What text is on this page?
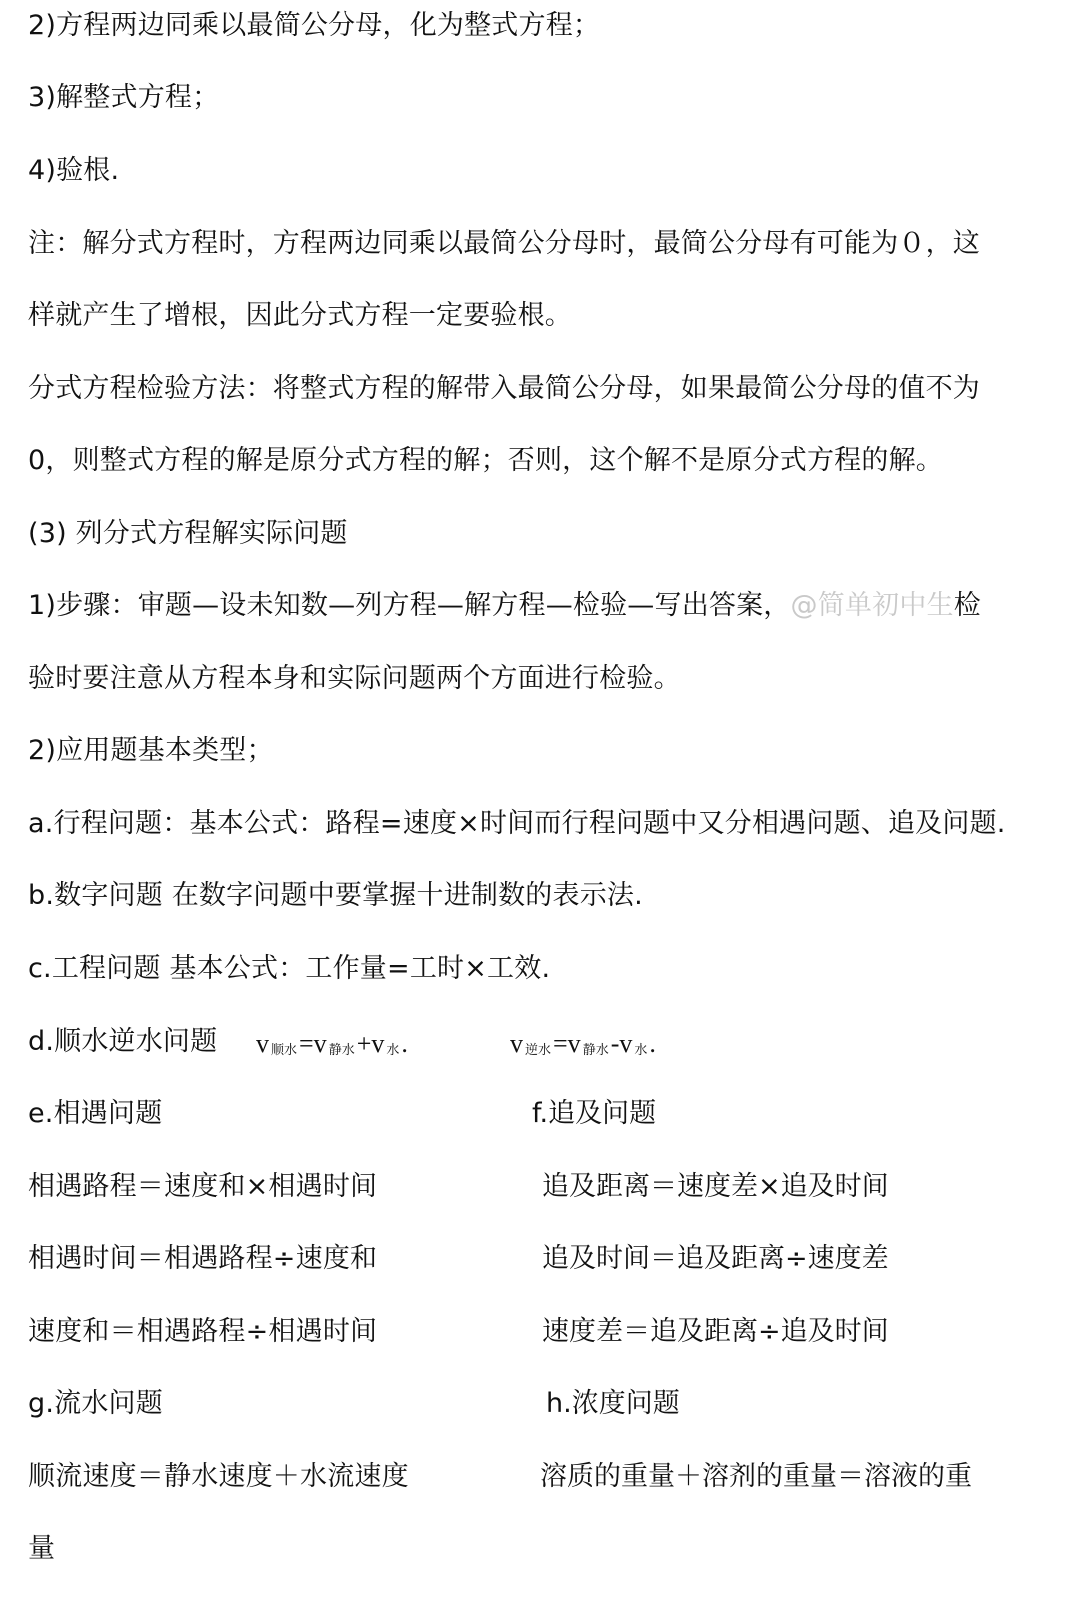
2)方程两边同乘以最简公分母，化为整式方程；
3)解整式方程；
4)验根.
注：解分式方程时，方程两边同乘以最简公分母时，最简公分母有可能为０，这
样就产生了增根，因此分式方程一定要验根。
分式方程检验方法：将整式方程的解带入最简公分母，如果最简公分母的值不为
0，则整式方程的解是原分式方程的解；否则，这个解不是原分式方程的解。
(3) 列分式方程解实际问题
1)步骤：审题—设未知数—列方程—解方程—检验—写出答案，@简单初中生检
验时要注意从方程本身和实际问题两个方面进行检验。
2)应用题基本类型；
a.行程问题：基本公式：路程=速度×时间而行程问题中又分相遇问题、追及问题.
b.数字问题 在数字问题中要掌握十进制数的表示法.
c.工程问题 基本公式：工作量=工时×工效.
d.顺水逆水问题 v $_{顺水}$=v $_{静水}$+v $_水$.	v $_{逆水}$=v $_{静水}$-v $_水$.
e.相遇问题	f.追及问题
相遇路程＝速度和×相遇时间	追及距离＝速度差×追及时间
相遇时间＝相遇路程÷速度和	追及时间＝追及距离÷速度差
速度和＝相遇路程÷相遇时间	速度差＝追及距离÷追及时间
g.流水问题	h.浓度问题
顺流速度＝静水速度＋水流速度	溶质的重量＋溶剂的重量＝溶液的重
量
